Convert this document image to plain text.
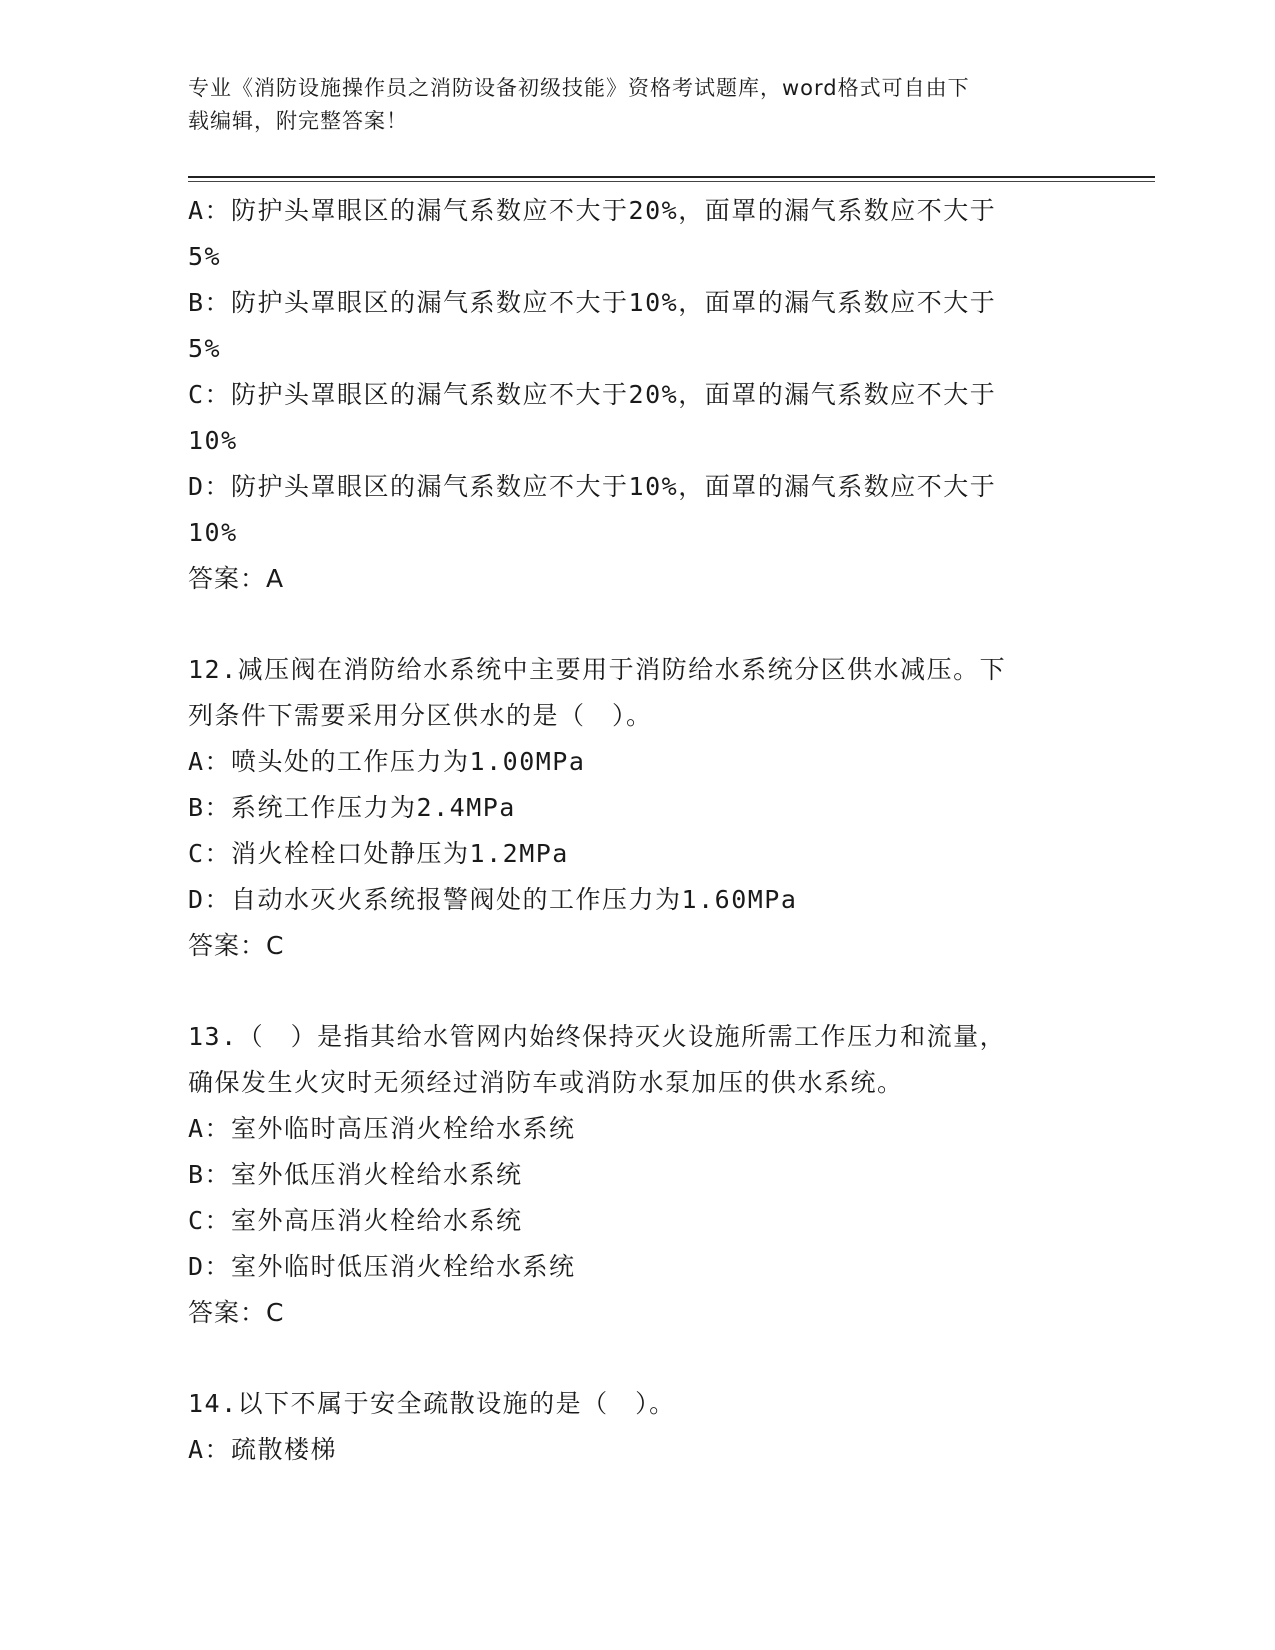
专业《消防设施操作员之消防设备初级技能》资格考试题库，word格式可自由下
载编辑，附完整答案！
A：防护头罩眼区的漏气系数应不大于20%，面罩的漏气系数应不大于
5%
B：防护头罩眼区的漏气系数应不大于10%，面罩的漏气系数应不大于
5%
C：防护头罩眼区的漏气系数应不大于20%，面罩的漏气系数应不大于
10%
D：防护头罩眼区的漏气系数应不大于10%，面罩的漏气系数应不大于
10%
答案：A
12.减压阀在消防给水系统中主要用于消防给水系统分区供水减压。下
列条件下需要采用分区供水的是（　）。
A：喷头处的工作压力为1.00MPa
B：系统工作压力为2.4MPa
C：消火栓栓口处静压为1.2MPa
D：自动水灭火系统报警阀处的工作压力为1.60MPa
答案：C
13.（　）是指其给水管网内始终保持灭火设施所需工作压力和流量，
确保发生火灾时无须经过消防车或消防水泵加压的供水系统。
A：室外临时高压消火栓给水系统
B：室外低压消火栓给水系统
C：室外高压消火栓给水系统
D：室外临时低压消火栓给水系统
答案：C
14.以下不属于安全疏散设施的是（　）。
A：疏散楼梯
